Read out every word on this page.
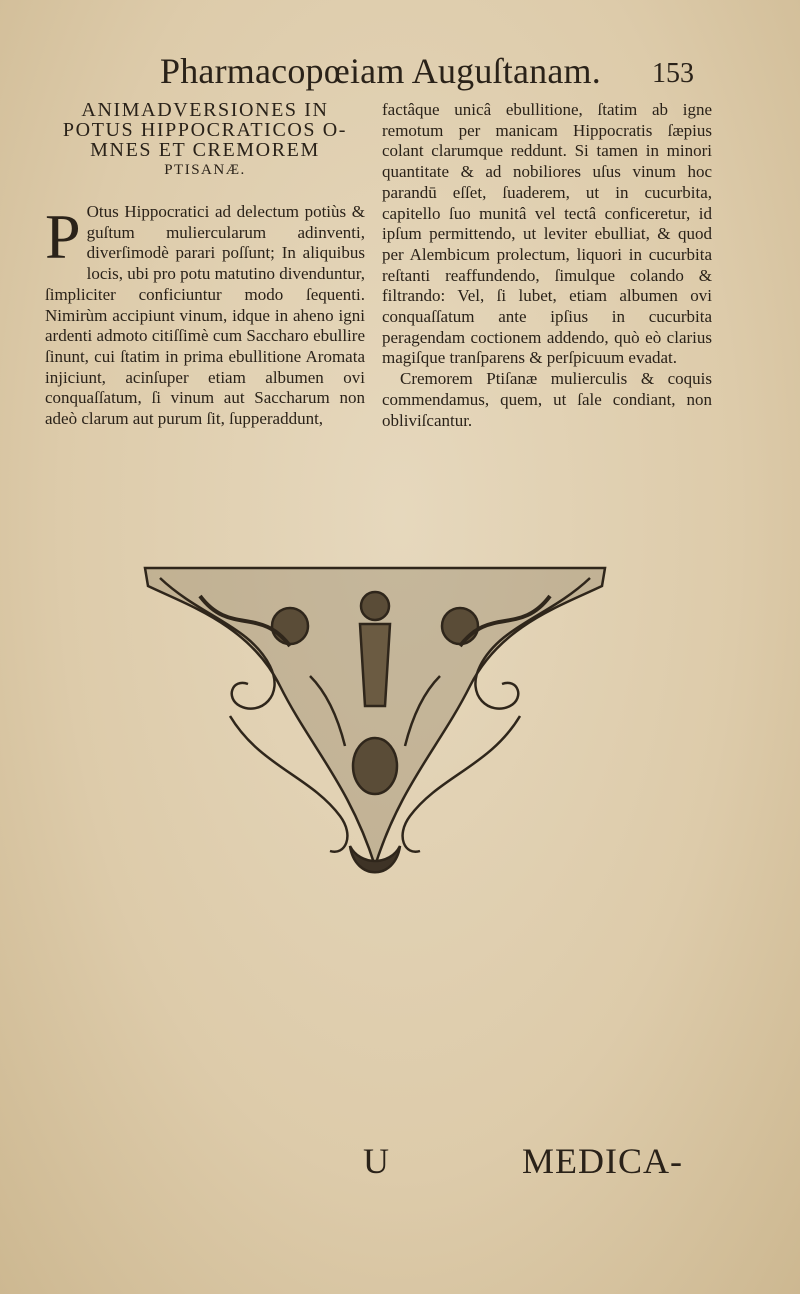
Pharmacopœiam Auguſtanam. 153
ANIMADVERSIONES IN
POTUS HIPPOCRATICOS O-
MNES ET CREMOREM
PTISANÆ.
P Otus Hippocratici ad delectum potiùs & guſtum muliercularum adinventi, diverſimodè parari poſſunt; In aliquibus locis, ubi pro potu matutino divenduntur, ſimpliciter conficiuntur modo ſequenti. Nimirùm accipiunt vinum, idque in aheno igni ardenti admoto citiſſimè cum Saccharo ebullire ſinunt, cui ſtatim in prima ebullitione Aromata injiciunt, acinſuper etiam albumen ovi conquaſſatum, ſi vinum aut Saccharum non adeò clarum aut purum ſit, ſupperaddunt,
factâque unicâ ebullitione, ſtatim ab igne remotum per manicam Hippocratis ſæpius colant clarumque reddunt. Si tamen in minori quantitate & ad nobiliores uſus vinum hoc parandū eſſet, ſuaderem, ut in cucurbita, capitello ſuo munitâ vel tectâ conficeretur, id ipſum permittendo, ut leviter ebulliat, & quod per Alembicum prolectum, liquori in cucurbita reſtanti reaffundendo, ſimulque colando & filtrando: Vel, ſi lubet, etiam albumen ovi conquaſſatum ante ipſius in cucurbita peragendam coctionem addendo, quò eò clarius magiſque tranſparens & perſpicuum evadat.
Cremorem Ptiſanæ mulierculis & coquis commendamus, quem, ut ſale condiant, non obliviſcantur.
U	MEDICA-
